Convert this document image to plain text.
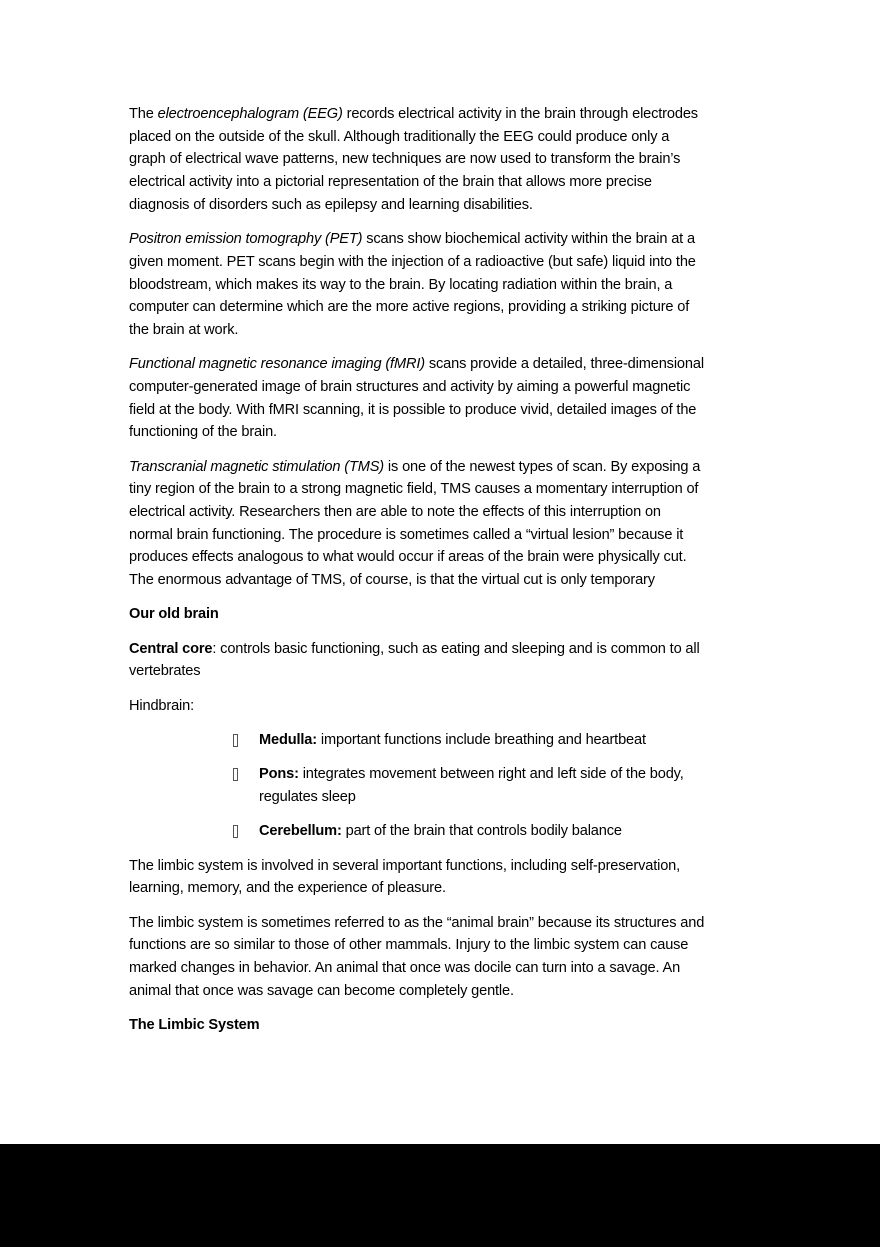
The electroencephalogram (EEG) records electrical activity in the brain through electrodes
placed on the outside of the skull. Although traditionally the EEG could produce only a
graph of electrical wave patterns, new techniques are now used to transform the brain’s
electrical activity into a pictorial representation of the brain that allows more precise
diagnosis of disorders such as epilepsy and learning disabilities.

Positron emission tomography (PET) scans show biochemical activity within the brain at a
given moment. PET scans begin with the injection of a radioactive (but safe) liquid into the
bloodstream, which makes its way to the brain. By locating radiation within the brain, a
computer can determine which are the more active regions, providing a striking picture of
the brain at work.

Functional magnetic resonance imaging (fMRI) scans provide a detailed, three-dimensional
computer-generated image of brain structures and activity by aiming a powerful magnetic
field at the body. With fMRI scanning, it is possible to produce vivid, detailed images of the
functioning of the brain.

Transcranial magnetic stimulation (TMS) is one of the newest types of scan. By exposing a
tiny region of the brain to a strong magnetic field, TMS causes a momentary interruption of
electrical activity. Researchers then are able to note the effects of this interruption on
normal brain functioning. The procedure is sometimes called a “virtual lesion” because it
produces effects analogous to what would occur if areas of the brain were physically cut.
The enormous advantage of TMS, of course, is that the virtual cut is only temporary

Our old brain

Central core: controls basic functioning, such as eating and sleeping and is common to all
vertebrates

Hindbrain:

Medulla: important functions include breathing and heartbeat
Pons: integrates movement between right and left side of the body,
regulates sleep
Cerebellum: part of the brain that controls bodily balance

The limbic system is involved in several important functions, including self-preservation,
learning, memory, and the experience of pleasure.

The limbic system is sometimes referred to as the “animal brain” because its structures and
functions are so similar to those of other mammals. Injury to the limbic system can cause
marked changes in behavior. An animal that once was docile can turn into a savage. An
animal that once was savage can become completely gentle.

The Limbic System
